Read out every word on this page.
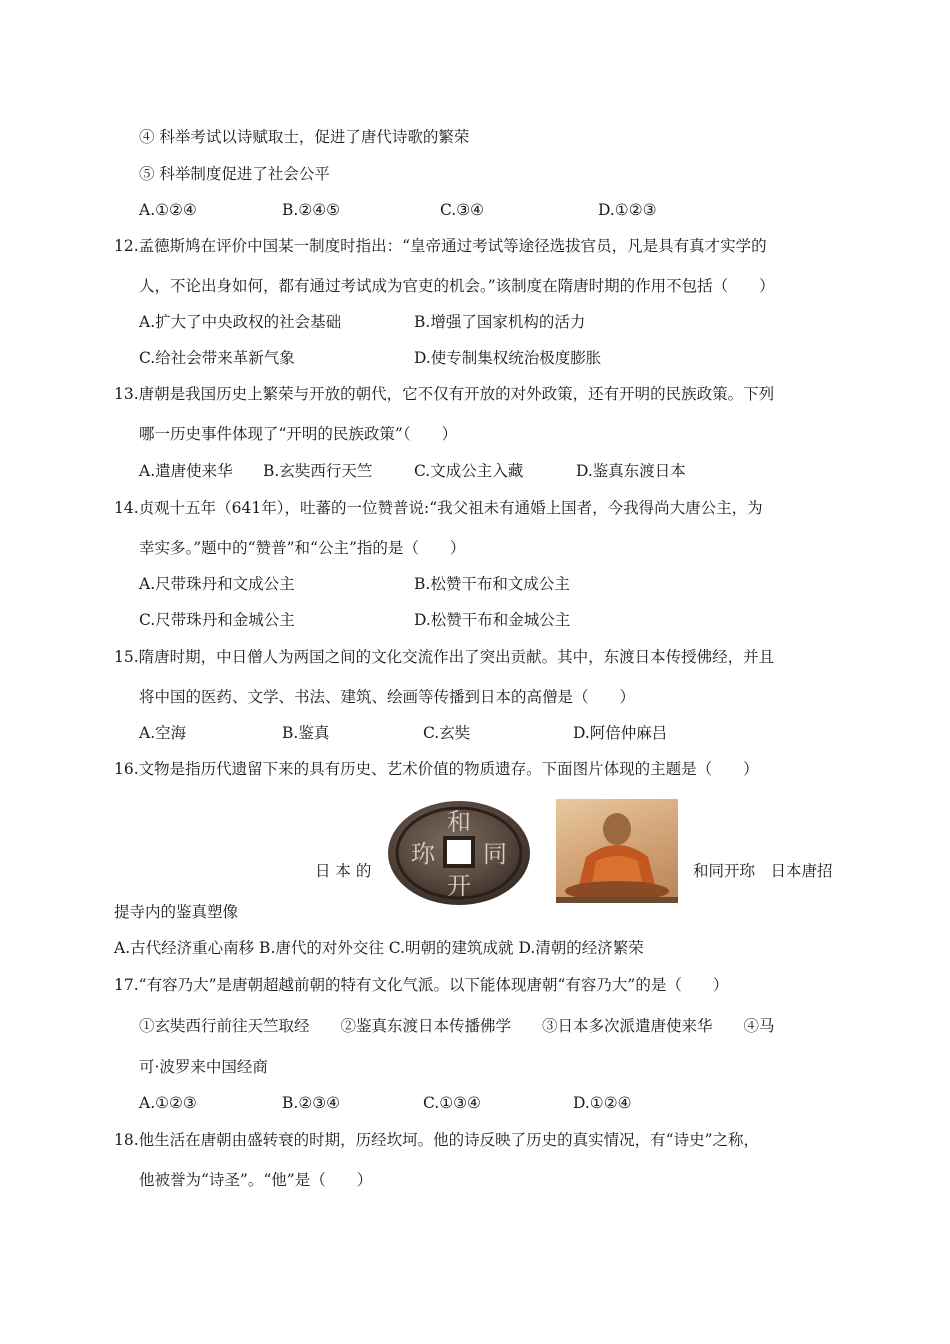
④ 科举考试以诗赋取士，促进了唐代诗歌的繁荣
⑤ 科举制度促进了社会公平
A.①②④	B.②④⑤	C.③④	D.①②③
12.孟德斯鸠在评价中国某一制度时指出：“皇帝通过考试等途径选拔官员，凡是具有真才实学的
人，不论出身如何，都有通过考试成为官吏的机会。”该制度在隋唐时期的作用不包括（　　）
A.扩大了中央政权的社会基础	B.增强了国家机构的活力
C.给社会带来革新气象	D.使专制集权统治极度膨胀
13.唐朝是我国历史上繁荣与开放的朝代，它不仅有开放的对外政策，还有开明的民族政策。下列
哪一历史事件体现了“开明的民族政策”（　　）
A.遣唐使来华 B.玄奘西行天竺	C.文成公主入藏	D.鉴真东渡日本
14.贞观十五年（641年），吐蕃的一位赞普说:“我父祖未有通婚上国者，今我得尚大唐公主，为
幸实多。”题中的“赞普”和“公主”指的是（　　）
A.尺带珠丹和文成公主	B.松赞干布和文成公主
C.尺带珠丹和金城公主	D.松赞干布和金城公主
15.隋唐时期，中日僧人为两国之间的文化交流作出了突出贡献。其中，东渡日本传授佛经，并且
将中国的医药、文学、书法、建筑、绘画等传播到日本的高僧是（　　）
A.空海	B.鉴真	C.玄奘	D.阿倍仲麻吕
16.文物是指历代遗留下来的具有历史、艺术价值的物质遗存。下面图片体现的主题是（　　）
和
同
开
珎
日 本 的	和同开珎　日本唐招
提寺内的鉴真塑像
A.古代经济重心南移 B.唐代的对外交往 C.明朝的建筑成就 D.清朝的经济繁荣
17.“有容乃大”是唐朝超越前朝的特有文化气派。以下能体现唐朝“有容乃大”的是（　　）
①玄奘西行前往天竺取经　　②鉴真东渡日本传播佛学　　③日本多次派遣唐使来华　　④马
可·波罗来中国经商
A.①②③	B.②③④	C.①③④	D.①②④
18.他生活在唐朝由盛转衰的时期，历经坎坷。他的诗反映了历史的真实情况，有“诗史”之称，
他被誉为“诗圣”。“他”是（　　）
